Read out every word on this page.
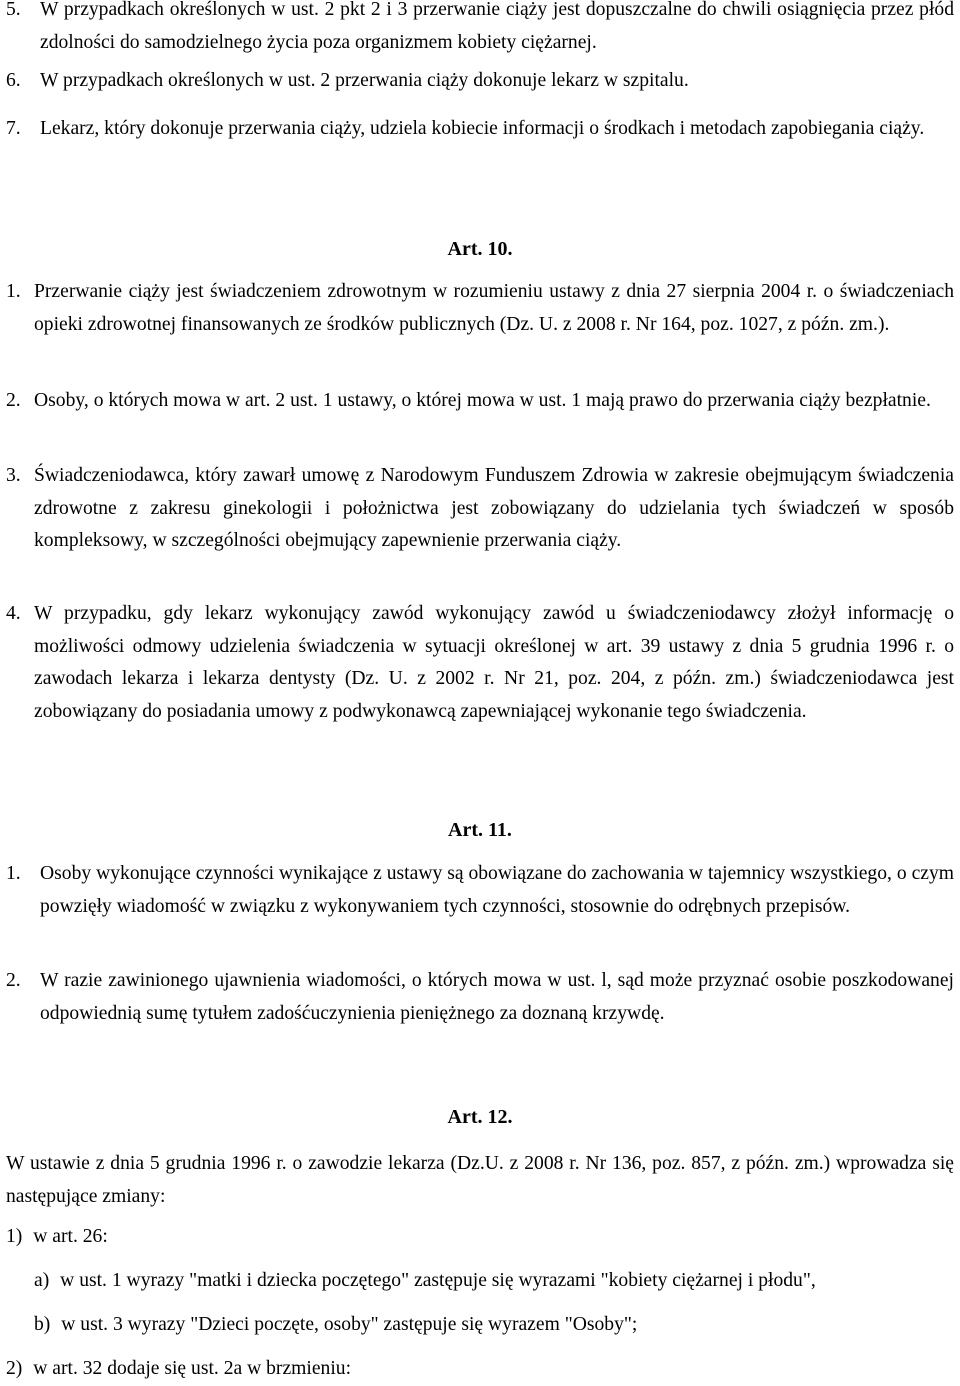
5. W przypadkach określonych w ust. 2 pkt 2 i 3 przerwanie ciąży jest dopuszczalne do chwili osiągnięcia przez płód zdolności do samodzielnego życia poza organizmem kobiety ciężarnej.
6. W przypadkach określonych w ust. 2 przerwania ciąży dokonuje lekarz w szpitalu.
7. Lekarz, który dokonuje przerwania ciąży, udziela kobiecie informacji o środkach i metodach zapobiegania ciąży.
Art. 10.
1. Przerwanie ciąży jest świadczeniem zdrowotnym w rozumieniu ustawy z dnia 27 sierpnia 2004 r. o świadczeniach opieki zdrowotnej finansowanych ze środków publicznych (Dz. U. z 2008 r. Nr 164, poz. 1027, z późn. zm.).
2. Osoby, o których mowa w art. 2 ust. 1 ustawy, o której mowa w ust. 1 mają prawo do przerwania ciąży bezpłatnie.
3. Świadczeniodawca, który zawarł umowę z Narodowym Funduszem Zdrowia w zakresie obejmującym świadczenia zdrowotne z zakresu ginekologii i położnictwa jest zobowiązany do udzielania tych świadczeń w sposób kompleksowy, w szczególności obejmujący zapewnienie przerwania ciąży.
4. W przypadku, gdy lekarz wykonujący zawód wykonujący zawód u świadczeniodawcy złożył informację o możliwości odmowy udzielenia świadczenia w sytuacji określonej w art. 39 ustawy z dnia 5 grudnia 1996 r. o zawodach lekarza i lekarza dentysty (Dz. U. z 2002 r. Nr 21, poz. 204, z późn. zm.) świadczeniodawca jest zobowiązany do posiadania umowy z podwykonawcą zapewniającej wykonanie tego świadczenia.
Art. 11.
1. Osoby wykonujące czynności wynikające z ustawy są obowiązane do zachowania w tajemnicy wszystkiego, o czym powzięły wiadomość w związku z wykonywaniem tych czynności, stosownie do odrębnych przepisów.
2. W razie zawinionego ujawnienia wiadomości, o których mowa w ust. l, sąd może przyznać osobie poszkodowanej odpowiednią sumę tytułem zadośćuczynienia pieniężnego za doznaną krzywdę.
Art. 12.
W ustawie z dnia 5 grudnia 1996 r. o zawodzie lekarza (Dz.U. z 2008 r. Nr 136, poz. 857, z późn. zm.) wprowadza się następujące zmiany:
1) w art. 26:
a) w ust. 1 wyrazy "matki i dziecka poczętego" zastępuje się wyrazami "kobiety ciężarnej i płodu",
b) w ust. 3 wyrazy "Dzieci poczęte, osoby" zastępuje się wyrazem "Osoby";
2) w art. 32 dodaje się ust. 2a w brzmieniu:
